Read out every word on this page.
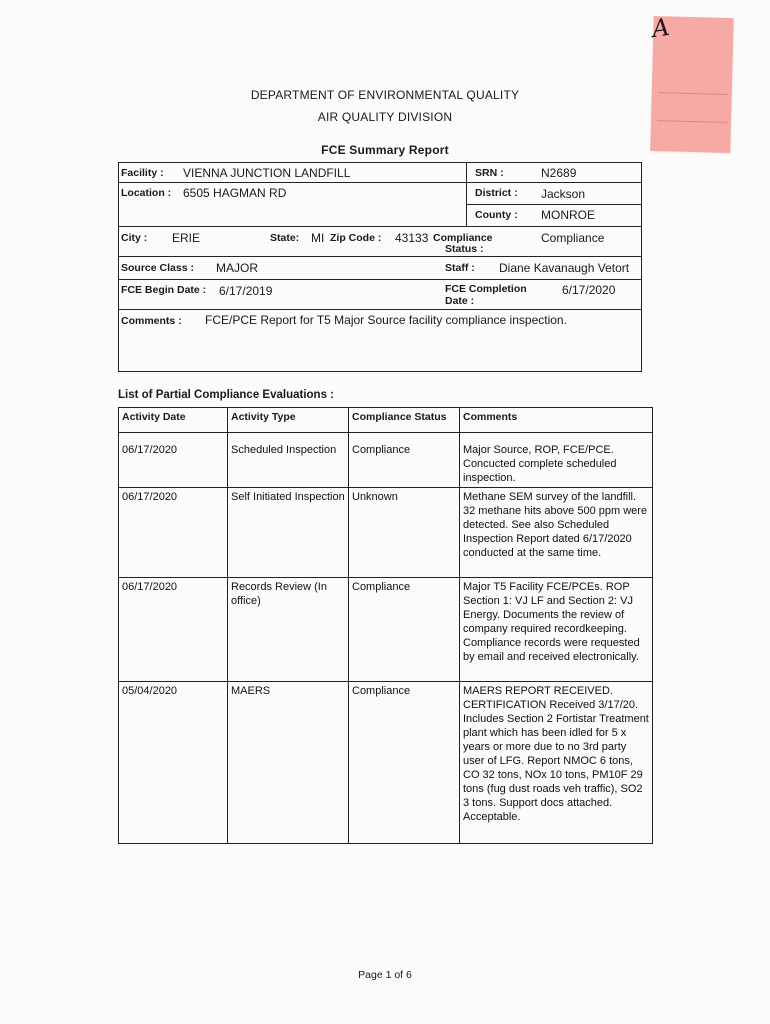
A
DEPARTMENT OF ENVIRONMENTAL QUALITY
AIR QUALITY DIVISION
FCE Summary Report
Facility : VIENNA JUNCTION LANDFILL	SRN :	N2689
Location : 6505 HAGMAN RD	District : Jackson
County : MONROE
City : ERIE	State: MI Zip Code : 43133 Compliance
Status :
Compliance
Source Class : MAJOR	Staff : Diane Kavanaugh Vetort
FCE Begin Date : 6/17/2019	FCE Completion
Date :
6/17/2020
Comments : FCE/PCE Report for T5 Major Source facility compliance inspection.
List of Partial Compliance Evaluations :
Activity Date	Activity Type	Compliance Status	Comments
06/17/2020	Scheduled Inspection	Compliance	Major Source, ROP, FCE/PCE. Concucted complete scheduled inspection.
06/17/2020	Self Initiated Inspection	Unknown	Methane SEM survey of the landfill. 32 methane hits above 500 ppm were detected. See also Scheduled Inspection Report dated 6/17/2020 conducted at the same time.
06/17/2020	Records Review (In office)	Compliance	Major T5 Facility FCE/PCEs. ROP Section 1: VJ LF and Section 2: VJ Energy. Documents the review of company required recordkeeping. Compliance records were requested by email and received electronically.
05/04/2020	MAERS	Compliance	MAERS REPORT RECEIVED. CERTIFICATION Received 3/17/20. Includes Section 2 Fortistar Treatment plant which has been idled for 5 x years or more due to no 3rd party user of LFG. Report NMOC 6 tons, CO 32 tons, NOx 10 tons, PM10F 29 tons (fug dust roads veh traffic), SO2 3 tons. Support docs attached. Acceptable.
Page 1 of 6
